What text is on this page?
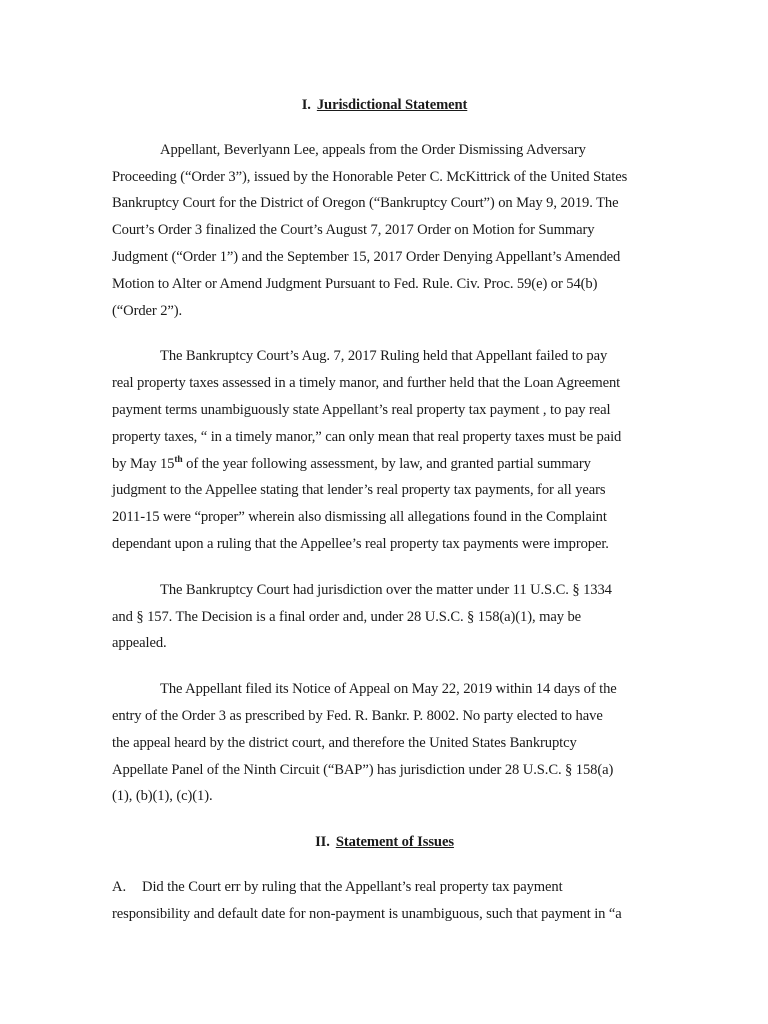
I. Jurisdictional Statement

Appellant, Beverlyann Lee, appeals from the Order Dismissing Adversary
Proceeding (“Order 3”), issued by the Honorable Peter C. McKittrick of the United States
Bankruptcy Court for the District of Oregon (“Bankruptcy Court”) on May 9, 2019. The
Court’s Order 3 finalized the Court’s August 7, 2017 Order on Motion for Summary
Judgment (“Order 1”) and the September 15, 2017 Order Denying Appellant’s Amended
Motion to Alter or Amend Judgment Pursuant to Fed. Rule. Civ. Proc. 59(e) or 54(b)
(“Order 2”).
The Bankruptcy Court’s Aug. 7, 2017 Ruling held that Appellant failed to pay
real property taxes assessed in a timely manor, and further held that the Loan Agreement
payment terms unambiguously state Appellant’s real property tax payment , to pay real
property taxes, “ in a timely manor,” can only mean that real property taxes must be paid
by May 15th of the year following assessment, by law, and granted partial summary
judgment to the Appellee stating that lender’s real property tax payments, for all years
2011-15 were “proper” wherein also dismissing all allegations found in the Complaint
dependant upon a ruling that the Appellee’s real property tax payments were improper.
The Bankruptcy Court had jurisdiction over the matter under 11 U.S.C. § 1334
and § 157. The Decision is a final order and, under 28 U.S.C. § 158(a)(1), may be
appealed.
The Appellant filed its Notice of Appeal on May 22, 2019 within 14 days of the
entry of the Order 3 as prescribed by Fed. R. Bankr. P. 8002. No party elected to have
the appeal heard by the district court, and therefore the United States Bankruptcy
Appellate Panel of the Ninth Circuit (“BAP”) has jurisdiction under 28 U.S.C. § 158(a)
(1), (b)(1), (c)(1).

II. Statement of Issues

A. Did the Court err by ruling that the Appellant’s real property tax payment
responsibility and default date for non-payment is unambiguous, such that payment in “a
